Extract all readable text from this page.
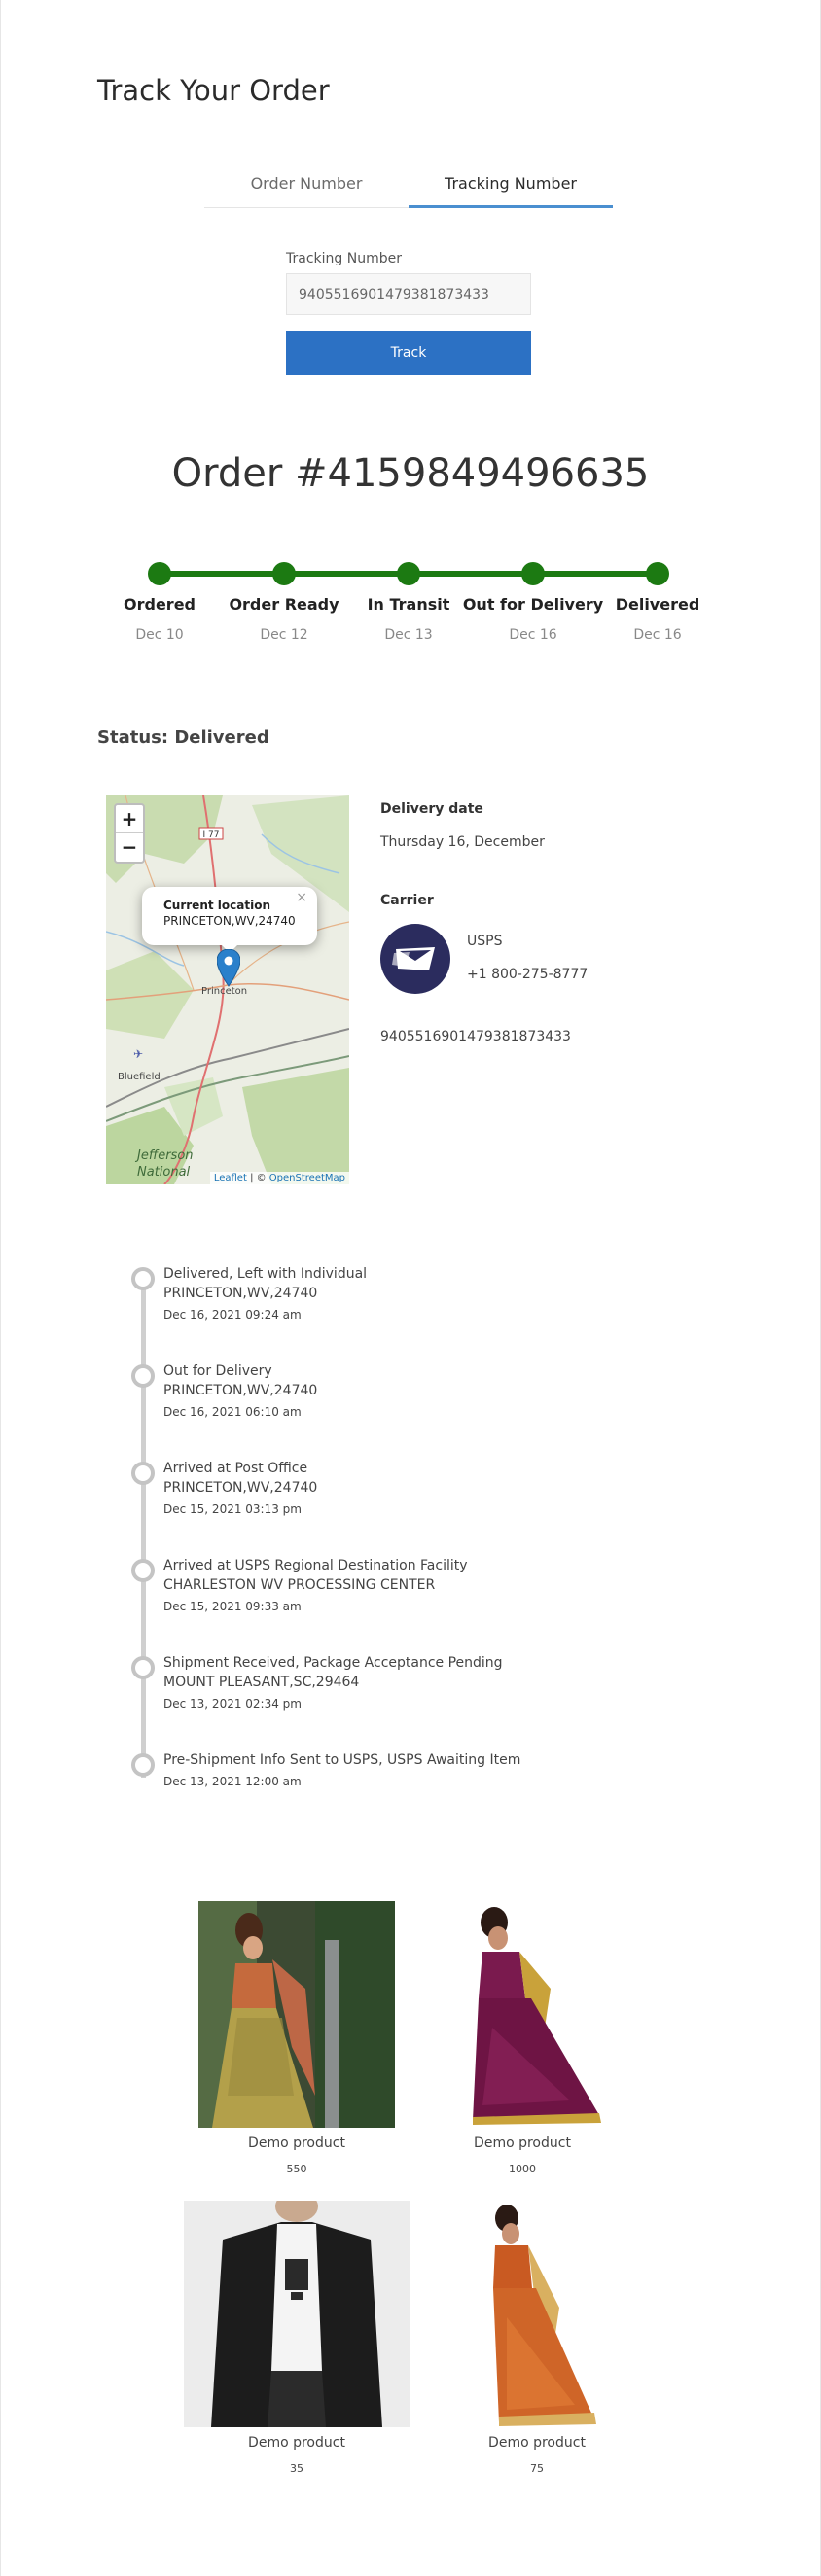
Track Your Order
Order Number	Tracking Number
Tracking Number
9405516901479381873433
Track
Order #4159849496635
Ordered
Dec 10
Order Ready
Dec 12
In Transit
Dec 13
Out for Delivery
Dec 16
Delivered
Dec 16
Status: Delivered
I 77
✈
+
−
Current location
PRINCETON,WV,24740
×
Princeton
Bluefield
Jefferson
National	Leaflet | © OpenStreetMap
Delivery date
Thursday 16, December
Carrier
USPS
+1 800-275-8777
9405516901479381873433
Delivered, Left with Individual
PRINCETON,WV,24740
Dec 16, 2021 09:24 am
Out for Delivery
PRINCETON,WV,24740
Dec 16, 2021 06:10 am
Arrived at Post Office
PRINCETON,WV,24740
Dec 15, 2021 03:13 pm
Arrived at USPS Regional Destination Facility
CHARLESTON WV PROCESSING CENTER
Dec 15, 2021 09:33 am
Shipment Received, Package Acceptance Pending
MOUNT PLEASANT,SC,29464
Dec 13, 2021 02:34 pm
Pre-Shipment Info Sent to USPS, USPS Awaiting Item
Dec 13, 2021 12:00 am
Demo product
550
Demo product
1000
Demo product
35
Demo product
75
